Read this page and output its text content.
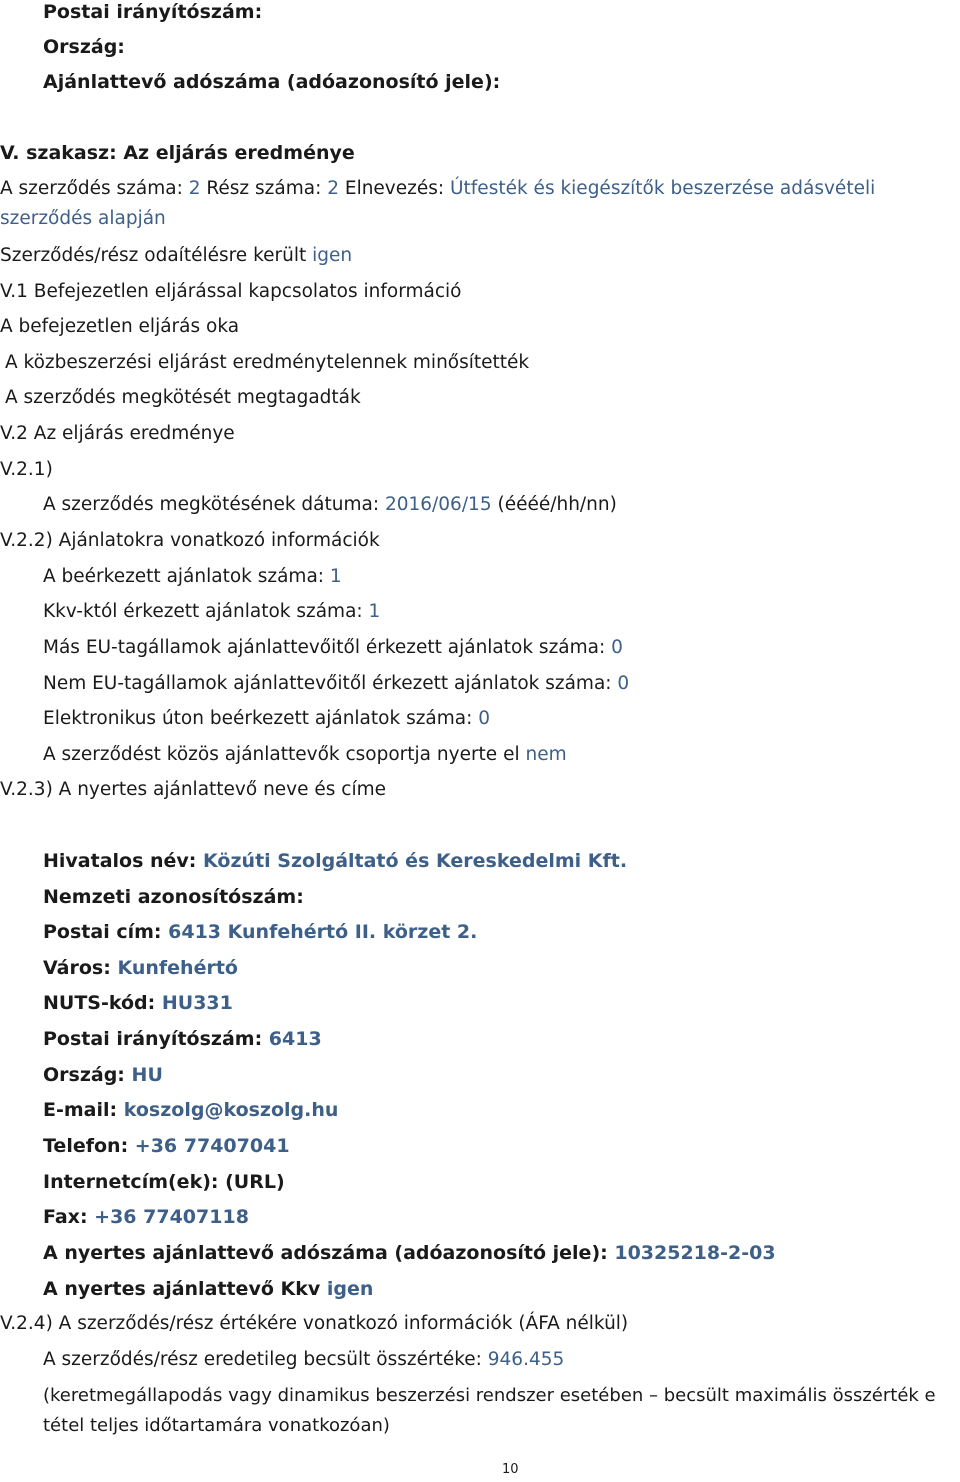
Postai irányítószám:
Ország:
Ajánlattevő adószáma (adóazonosító jele):
V. szakasz: Az eljárás eredménye
A szerződés száma: 2 Rész száma: 2 Elnevezés: Útfesték és kiegészítők beszerzése adásvételi
szerződés alapján
Szerződés/rész odaítélésre került igen
V.1 Befejezetlen eljárással kapcsolatos információ
A befejezetlen eljárás oka
A közbeszerzési eljárást eredménytelennek minősítették
A szerződés megkötését megtagadták
V.2 Az eljárás eredménye
V.2.1)
A szerződés megkötésének dátuma: 2016/06/15 (éééé/hh/nn)
V.2.2) Ajánlatokra vonatkozó információk
A beérkezett ajánlatok száma: 1
Kkv-któl érkezett ajánlatok száma: 1
Más EU-tagállamok ajánlattevőitől érkezett ajánlatok száma: 0
Nem EU-tagállamok ajánlattevőitől érkezett ajánlatok száma: 0
Elektronikus úton beérkezett ajánlatok száma: 0
A szerződést közös ajánlattevők csoportja nyerte el nem
V.2.3) A nyertes ajánlattevő neve és címe
Hivatalos név: Közúti Szolgáltató és Kereskedelmi Kft.
Nemzeti azonosítószám:
Postai cím: 6413 Kunfehértó II. körzet 2.
Város: Kunfehértó
NUTS-kód: HU331
Postai irányítószám: 6413
Ország: HU
E-mail: koszolg@koszolg.hu
Telefon: +36 77407041
Internetcím(ek): (URL)
Fax: +36 77407118
A nyertes ajánlattevő adószáma (adóazonosító jele): 10325218-2-03
A nyertes ajánlattevő Kkv igen
V.2.4) A szerződés/rész értékére vonatkozó információk (ÁFA nélkül)
A szerződés/rész eredetileg becsült összértéke: 946.455
(keretmegállapodás vagy dinamikus beszerzési rendszer esetében – becsült maximális összérték e
tétel teljes időtartamára vonatkozóan)
10
